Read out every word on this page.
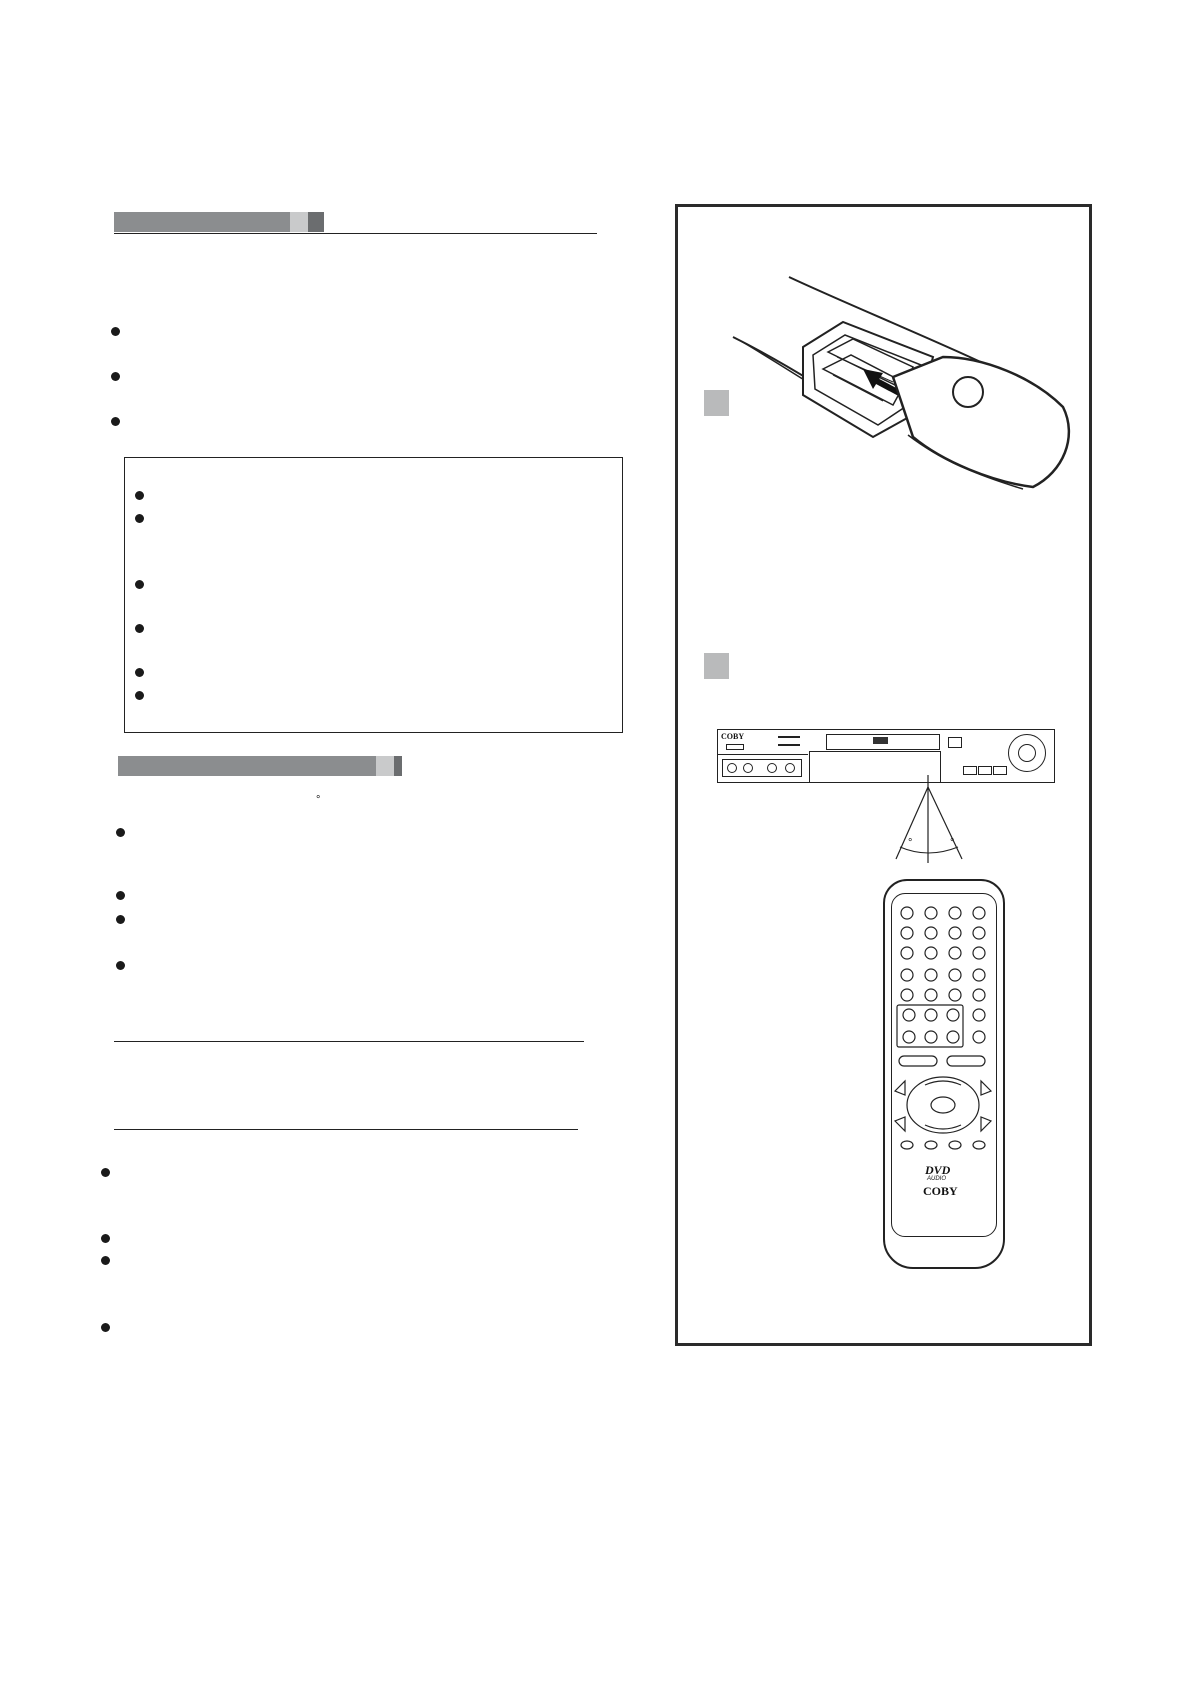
°
COBY
°	°
DVD
AUDIO
COBY
